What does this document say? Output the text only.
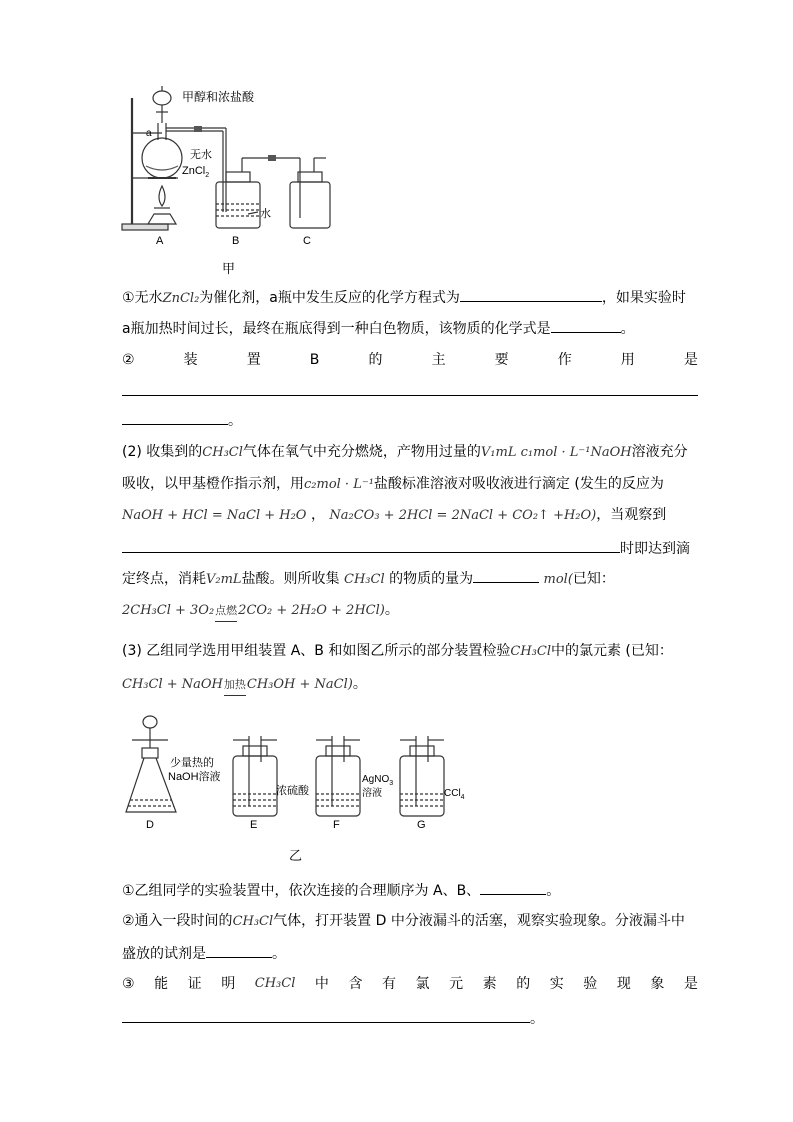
a
无水
ZnCl$_2$
水
A	B	C
甲醇和浓盐酸
甲
①无水ZnCl₂为催化剂，a瓶中发生反应的化学方程式为	，如果实验时
a瓶加热时间过长，最终在瓶底得到一种白色物质，该物质的化学式是	。
②	装	置	B	的	主	要	作	用	是
。
(2) 收集到的CH₃Cl气体在氧气中充分燃烧，产物用过量的V₁mL c₁mol · L⁻¹NaOH溶液充分
吸收，以甲基橙作指示剂，用c₂mol · L⁻¹盐酸标准溶液对吸收液进行滴定 (发生的反应为
NaOH + HCl = NaCl + H₂O ， Na₂CO₃ + 2HCl = 2NaCl + CO₂↑ +H₂O)，当观察到
时即达到滴
定终点，消耗V₂mL盐酸。则所收集 CH₃Cl 的物质的量为	mol(已知：
2CH₃Cl + 3O₂点燃2CO₂ + 2H₂O + 2HCl)。
(3) 乙组同学选用甲组装置 A、B 和如图乙所示的部分装置检验CH₃Cl中的氯元素 (已知：
CH₃Cl + NaOH加热CH₃OH + NaCl)。
少量热的
NaOH溶液
浓硫酸
AgNO$_3$
溶液	CCl$_4$
D	E	F	G
乙
①乙组同学的实验装置中，依次连接的合理顺序为 A、B、	。
②通入一段时间的CH₃Cl气体，打开装置 D 中分液漏斗的活塞，观察实验现象。分液漏斗中
盛放的试剂是	。
③ 能 证 明 CH₃Cl 中 含 有 氯 元 素 的 实 验 现 象 是
。
